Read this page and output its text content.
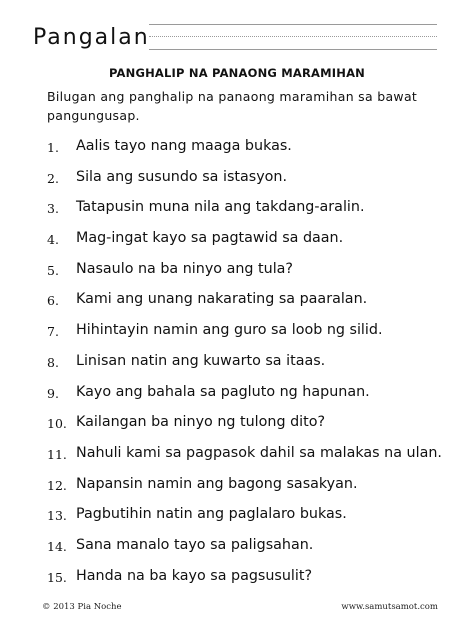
Pangalan
PANGHALIP NA PANAONG MARAMIHAN
Bilugan ang panghalip na panaong maramihan sa bawat pangungusap.
1. Aalis tayo nang maaga bukas.
2. Sila ang susundo sa istasyon.
3. Tatapusin muna nila ang takdang-aralin.
4. Mag-ingat kayo sa pagtawid sa daan.
5. Nasaulo na ba ninyo ang tula?
6. Kami ang unang nakarating sa paaralan.
7. Hihintayin namin ang guro sa loob ng silid.
8. Linisan natin ang kuwarto sa itaas.
9. Kayo ang bahala sa pagluto ng hapunan.
10. Kailangan ba ninyo ng tulong dito?
11. Nahuli kami sa pagpasok dahil sa malakas na ulan.
12. Napansin namin ang bagong sasakyan.
13. Pagbutihin natin ang paglalaro bukas.
14. Sana manalo tayo sa paligsahan.
15. Handa na ba kayo sa pagsusulit?
© 2013 Pia Noche	www.samutsamot.com
